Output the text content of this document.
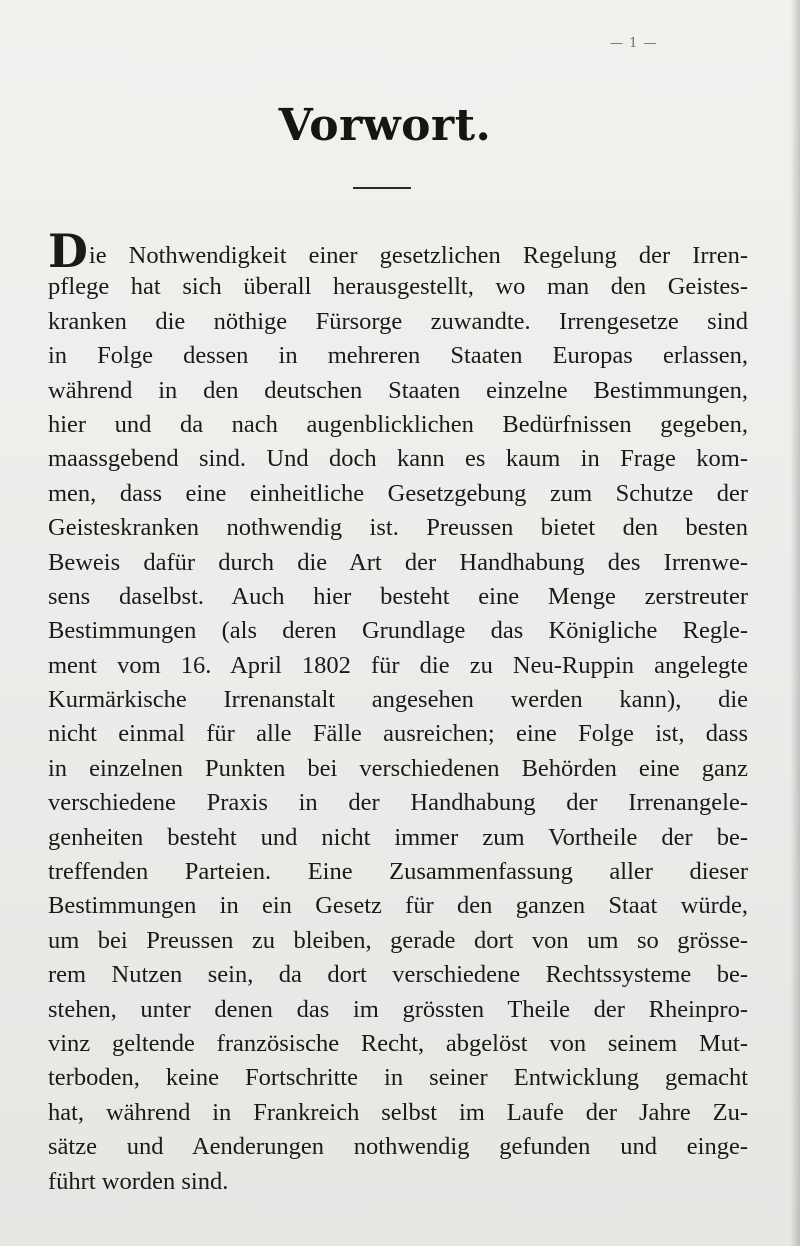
— 1 —
Vorwort.
Die Nothwendigkeit einer gesetzlichen Regelung der Irren-
pflege hat sich überall herausgestellt, wo man den Geistes-
kranken die nöthige Fürsorge zuwandte. Irrengesetze sind
in Folge dessen in mehreren Staaten Europas erlassen,
während in den deutschen Staaten einzelne Bestimmungen,
hier und da nach augenblicklichen Bedürfnissen gegeben,
maassgebend sind. Und doch kann es kaum in Frage kom-
men, dass eine einheitliche Gesetzgebung zum Schutze der
Geisteskranken nothwendig ist. Preussen bietet den besten
Beweis dafür durch die Art der Handhabung des Irrenwe-
sens daselbst. Auch hier besteht eine Menge zerstreuter
Bestimmungen (als deren Grundlage das Königliche Regle-
ment vom 16. April 1802 für die zu Neu-Ruppin angelegte
Kurmärkische Irrenanstalt angesehen werden kann), die
nicht einmal für alle Fälle ausreichen; eine Folge ist, dass
in einzelnen Punkten bei verschiedenen Behörden eine ganz
verschiedene Praxis in der Handhabung der Irrenangele-
genheiten besteht und nicht immer zum Vortheile der be-
treffenden Parteien. Eine Zusammenfassung aller dieser
Bestimmungen in ein Gesetz für den ganzen Staat würde,
um bei Preussen zu bleiben, gerade dort von um so grösse-
rem Nutzen sein, da dort verschiedene Rechtssysteme be-
stehen, unter denen das im grössten Theile der Rheinpro-
vinz geltende französische Recht, abgelöst von seinem Mut-
terboden, keine Fortschritte in seiner Entwicklung gemacht
hat, während in Frankreich selbst im Laufe der Jahre Zu-
sätze und Aenderungen nothwendig gefunden und einge-
führt worden sind.
